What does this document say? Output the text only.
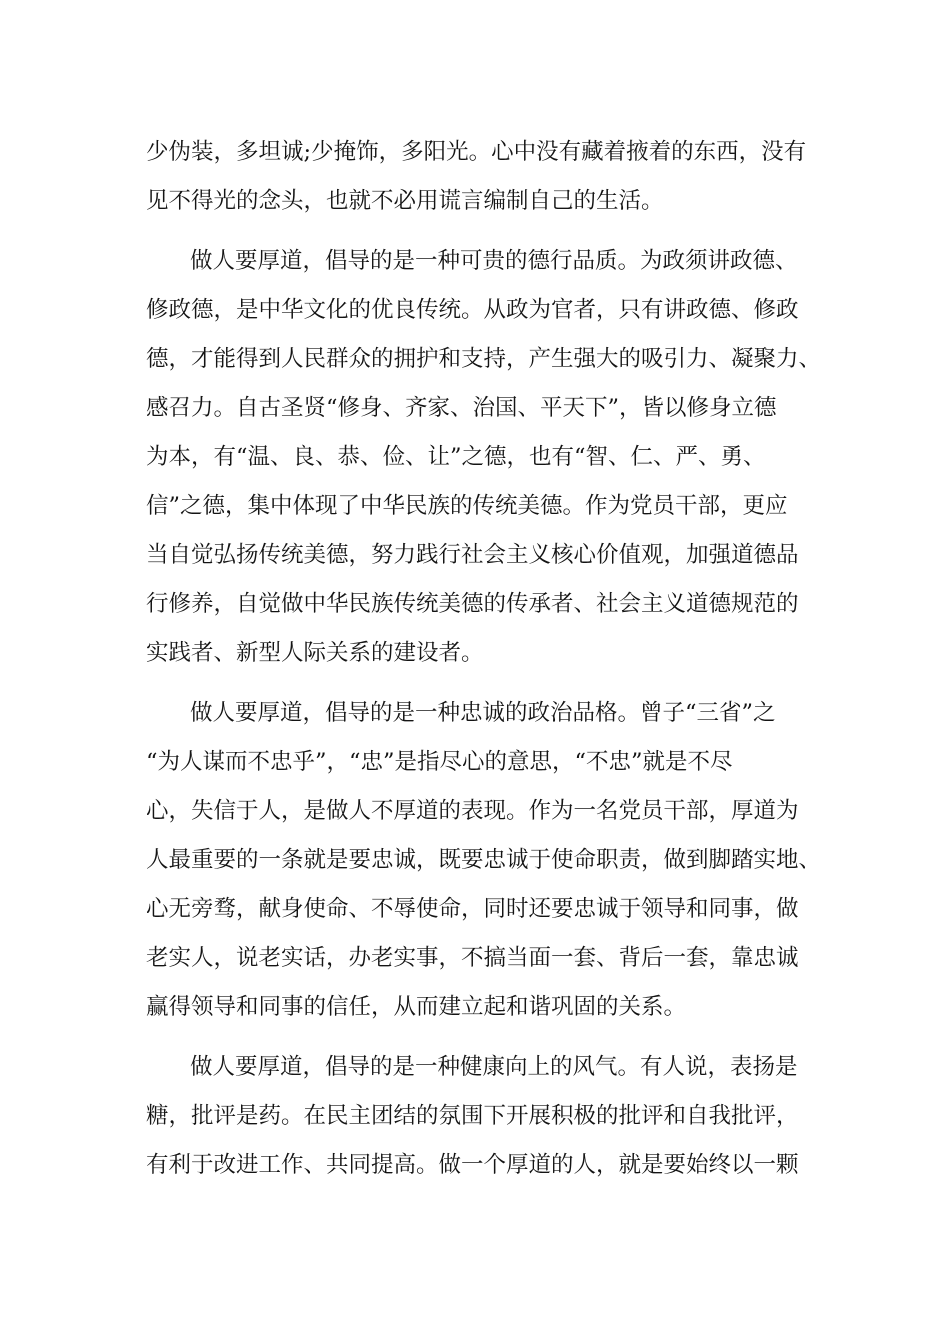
少伪装，多坦诚;少掩饰，多阳光。心中没有藏着掖着的东西，没有
见不得光的念头，也就不必用谎言编制自己的生活。
做人要厚道，倡导的是一种可贵的德行品质。为政须讲政德、
修政德，是中华文化的优良传统。从政为官者，只有讲政德、修政
德，才能得到人民群众的拥护和支持，产生强大的吸引力、凝聚力、
感召力。自古圣贤“修身、齐家、治国、平天下”，皆以修身立德
为本，有“温、良、恭、俭、让”之德，也有“智、仁、严、勇、
信”之德，集中体现了中华民族的传统美德。作为党员干部，更应
当自觉弘扬传统美德，努力践行社会主义核心价值观，加强道德品
行修养，自觉做中华民族传统美德的传承者、社会主义道德规范的
实践者、新型人际关系的建设者。
做人要厚道，倡导的是一种忠诚的政治品格。曾子“三省”之
“为人谋而不忠乎”，“忠”是指尽心的意思，“不忠”就是不尽
心，失信于人，是做人不厚道的表现。作为一名党员干部，厚道为
人最重要的一条就是要忠诚，既要忠诚于使命职责，做到脚踏实地、
心无旁骛，献身使命、不辱使命，同时还要忠诚于领导和同事，做
老实人，说老实话，办老实事，不搞当面一套、背后一套，靠忠诚
赢得领导和同事的信任，从而建立起和谐巩固的关系。
做人要厚道，倡导的是一种健康向上的风气。有人说，表扬是
糖，批评是药。在民主团结的氛围下开展积极的批评和自我批评，
有利于改进工作、共同提高。做一个厚道的人，就是要始终以一颗
